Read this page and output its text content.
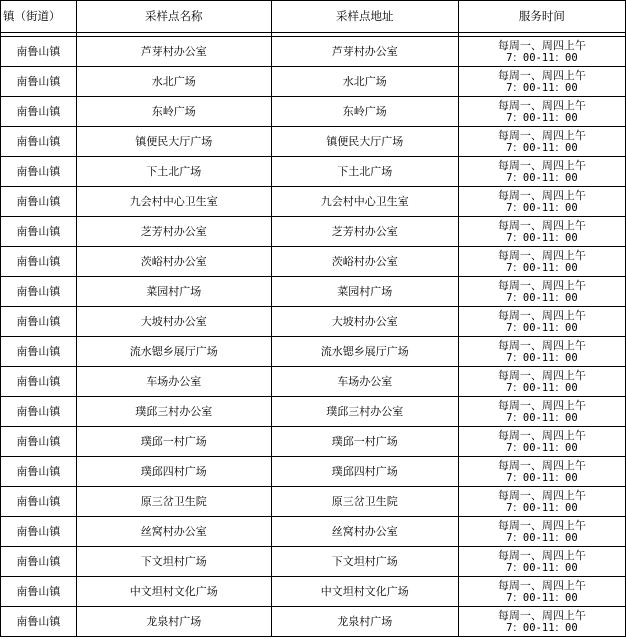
镇（街道）	采样点名称	采样点地址	服务时间

南鲁山镇	芦芽村办公室	芦芽村办公室	每周一、周四上午
7：00-11：00

南鲁山镇	水北广场	水北广场	每周一、周四上午
7：00-11：00

南鲁山镇	东岭广场	东岭广场	每周一、周四上午
7：00-11：00

南鲁山镇	镇便民大厅广场	镇便民大厅广场	每周一、周四上午
7：00-11：00

南鲁山镇	下土北广场	下土北广场	每周一、周四上午
7：00-11：00

南鲁山镇	九会村中心卫生室	九会村中心卫生室	每周一、周四上午
7：00-11：00

南鲁山镇	芝芳村办公室	芝芳村办公室	每周一、周四上午
7：00-11：00

南鲁山镇	茨峪村办公室	茨峪村办公室	每周一、周四上午
7：00-11：00

南鲁山镇	菜园村广场	菜园村广场	每周一、周四上午
7：00-11：00

南鲁山镇	大坡村办公室	大坡村办公室	每周一、周四上午
7：00-11：00

南鲁山镇	流水锶乡展厅广场	流水锶乡展厅广场	每周一、周四上午
7：00-11：00

南鲁山镇	车场办公室	车场办公室	每周一、周四上午
7：00-11：00

南鲁山镇	璞邱三村办公室	璞邱三村办公室	每周一、周四上午
7：00-11：00

南鲁山镇	璞邱一村广场	璞邱一村广场	每周一、周四上午
7：00-11：00

南鲁山镇	璞邱四村广场	璞邱四村广场	每周一、周四上午
7：00-11：00

南鲁山镇	原三岔卫生院	原三岔卫生院	每周一、周四上午
7：00-11：00

南鲁山镇	丝窝村办公室	丝窝村办公室	每周一、周四上午
7：00-11：00

南鲁山镇	下文坦村广场	下文坦村广场	每周一、周四上午
7：00-11：00

南鲁山镇	中文坦村文化广场	中文坦村文化广场	每周一、周四上午
7：00-11：00

南鲁山镇	龙泉村广场	龙泉村广场	每周一、周四上午
7：00-11：00
